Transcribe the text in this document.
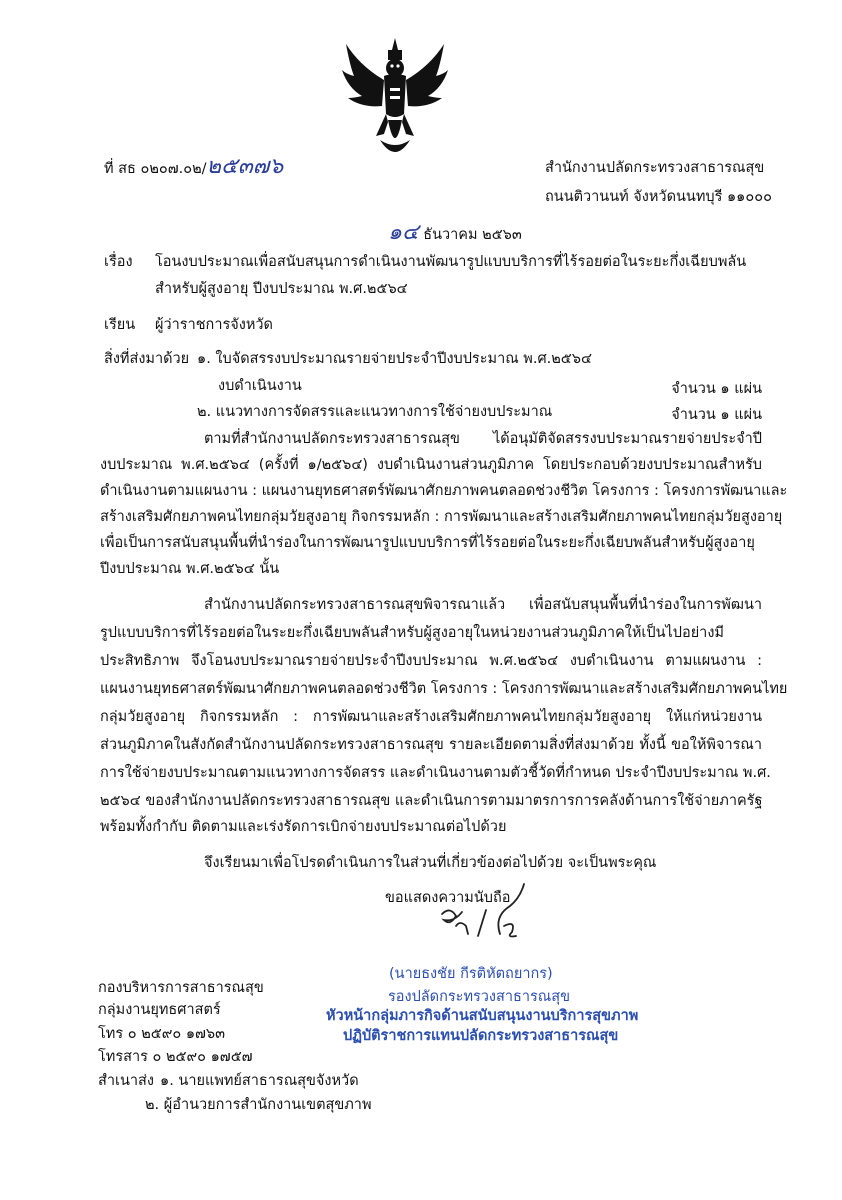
ที่ สธ ๐๒๐๗.๐๒/๒๕๓๗๖	สำนักงานปลัดกระทรวงสาธารณสุข
ถนนติวานนท์ จังหวัดนนทบุรี ๑๑๐๐๐
๑๔ ธันวาคม ๒๕๖๓
เรื่อง โอนงบประมาณเพื่อสนับสนุนการดำเนินงานพัฒนารูปแบบบริการที่ไร้รอยต่อในระยะกึ่งเฉียบพลัน
สำหรับผู้สูงอายุ ปีงบประมาณ พ.ศ.๒๕๖๔
เรียน ผู้ว่าราชการจังหวัด
สิ่งที่ส่งมาด้วย ๑. ใบจัดสรรงบประมาณรายจ่ายประจำปีงบประมาณ พ.ศ.๒๕๖๔
งบดำเนินงาน	จำนวน ๑ แผ่น
๒. แนวทางการจัดสรรและแนวทางการใช้จ่ายงบประมาณ	จำนวน ๑ แผ่น
ตามที่สำนักงานปลัดกระทรวงสาธารณสุข ได้อนุมัติจัดสรรงบประมาณรายจ่ายประจำปี
งบประมาณ พ.ศ.๒๕๖๔ (ครั้งที่ ๑/๒๕๖๔) งบดำเนินงานส่วนภูมิภาค โดยประกอบด้วยงบประมาณสำหรับ
ดำเนินงานตามแผนงาน : แผนงานยุทธศาสตร์พัฒนาศักยภาพคนตลอดช่วงชีวิต โครงการ : โครงการพัฒนาและ
สร้างเสริมศักยภาพคนไทยกลุ่มวัยสูงอายุ กิจกรรมหลัก : การพัฒนาและสร้างเสริมศักยภาพคนไทยกลุ่มวัยสูงอายุ
เพื่อเป็นการสนับสนุนพื้นที่นำร่องในการพัฒนารูปแบบบริการที่ไร้รอยต่อในระยะกึ่งเฉียบพลันสำหรับผู้สูงอายุ
ปีงบประมาณ พ.ศ.๒๕๖๔ นั้น
สำนักงานปลัดกระทรวงสาธารณสุขพิจารณาแล้ว เพื่อสนับสนุนพื้นที่นำร่องในการพัฒนา
รูปแบบบริการที่ไร้รอยต่อในระยะกึ่งเฉียบพลันสำหรับผู้สูงอายุในหน่วยงานส่วนภูมิภาคให้เป็นไปอย่างมี
ประสิทธิภาพ จึงโอนงบประมาณรายจ่ายประจำปีงบประมาณ พ.ศ.๒๕๖๔ งบดำเนินงาน ตามแผนงาน :
แผนงานยุทธศาสตร์พัฒนาศักยภาพคนตลอดช่วงชีวิต โครงการ : โครงการพัฒนาและสร้างเสริมศักยภาพคนไทย
กลุ่มวัยสูงอายุ กิจกรรมหลัก : การพัฒนาและสร้างเสริมศักยภาพคนไทยกลุ่มวัยสูงอายุ ให้แก่หน่วยงาน
ส่วนภูมิภาคในสังกัดสำนักงานปลัดกระทรวงสาธารณสุข รายละเอียดตามสิ่งที่ส่งมาด้วย ทั้งนี้ ขอให้พิจารณา
การใช้จ่ายงบประมาณตามแนวทางการจัดสรร และดำเนินงานตามตัวชี้วัดที่กำหนด ประจำปีงบประมาณ พ.ศ.
๒๕๖๔ ของสำนักงานปลัดกระทรวงสาธารณสุข และดำเนินการตามมาตรการการคลังด้านการใช้จ่ายภาครัฐ
พร้อมทั้งกำกับ ติดตามและเร่งรัดการเบิกจ่ายงบประมาณต่อไปด้วย
จึงเรียนมาเพื่อโปรดดำเนินการในส่วนที่เกี่ยวข้องต่อไปด้วย จะเป็นพระคุณ
ขอแสดงความนับถือ
(นายธงชัย กีรติหัตถยากร)
รองปลัดกระทรวงสาธารณสุข
หัวหน้ากลุ่มภารกิจด้านสนับสนุนงานบริการสุขภาพ
ปฏิบัติราชการแทนปลัดกระทรวงสาธารณสุข
กองบริหารการสาธารณสุข
กลุ่มงานยุทธศาสตร์
โทร ๐ ๒๕๙๐ ๑๗๖๓
โทรสาร ๐ ๒๕๙๐ ๑๗๕๗
สำเนาส่ง ๑. นายแพทย์สาธารณสุขจังหวัด
๒. ผู้อำนวยการสำนักงานเขตสุขภาพ
